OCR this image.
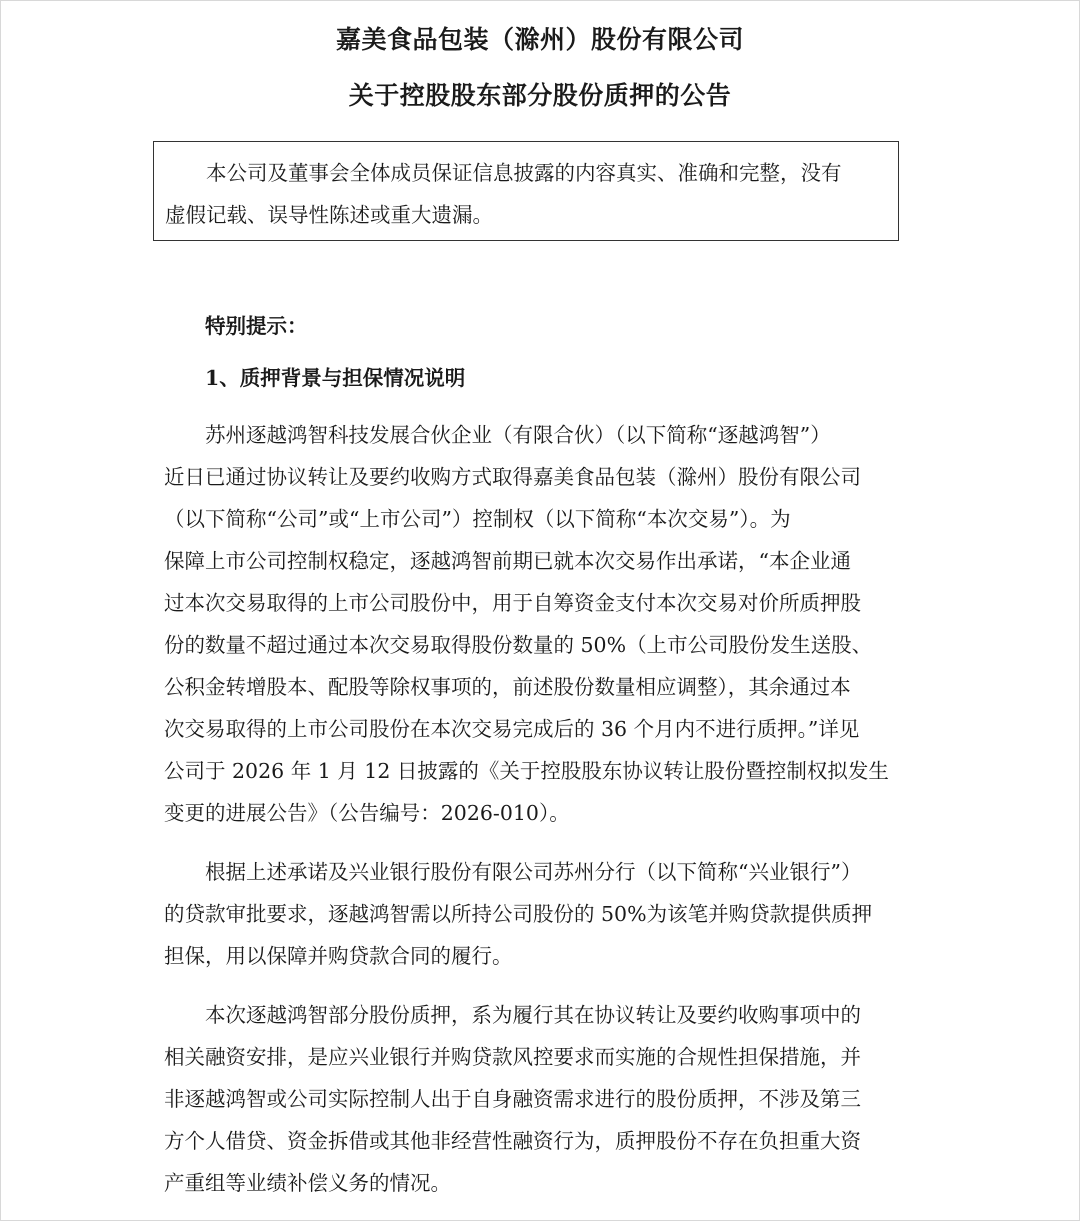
嘉美食品包装（滁州）股份有限公司
关于控股股东部分股份质押的公告
本公司及董事会全体成员保证信息披露的内容真实、准确和完整，没有
虚假记载、误导性陈述或重大遗漏。
特别提示：
1、质押背景与担保情况说明
苏州逐越鸿智科技发展合伙企业（有限合伙）（以下简称“逐越鸿智”）
近日已通过协议转让及要约收购方式取得嘉美食品包装（滁州）股份有限公司
（以下简称“公司”或“上市公司”）控制权（以下简称“本次交易”）。为
保障上市公司控制权稳定，逐越鸿智前期已就本次交易作出承诺，“本企业通
过本次交易取得的上市公司股份中，用于自筹资金支付本次交易对价所质押股
份的数量不超过通过本次交易取得股份数量的 50%（上市公司股份发生送股、
公积金转增股本、配股等除权事项的，前述股份数量相应调整），其余通过本
次交易取得的上市公司股份在本次交易完成后的 36 个月内不进行质押。”详见
公司于 2026 年 1 月 12 日披露的《关于控股股东协议转让股份暨控制权拟发生
变更的进展公告》（公告编号：2026-010）。
根据上述承诺及兴业银行股份有限公司苏州分行（以下简称“兴业银行”）
的贷款审批要求，逐越鸿智需以所持公司股份的 50%为该笔并购贷款提供质押
担保，用以保障并购贷款合同的履行。
本次逐越鸿智部分股份质押，系为履行其在协议转让及要约收购事项中的
相关融资安排，是应兴业银行并购贷款风控要求而实施的合规性担保措施，并
非逐越鸿智或公司实际控制人出于自身融资需求进行的股份质押，不涉及第三
方个人借贷、资金拆借或其他非经营性融资行为，质押股份不存在负担重大资
产重组等业绩补偿义务的情况。
